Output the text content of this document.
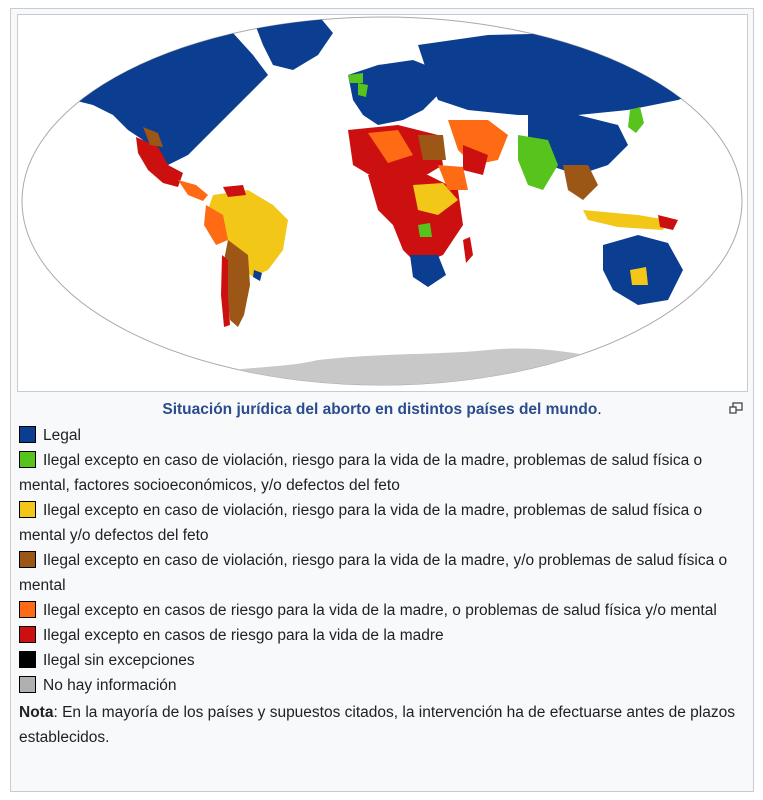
Situación jurídica del aborto en distintos países del mundo.
Legal
Ilegal excepto en caso de violación, riesgo para la vida de la madre, problemas de salud física o mental, factores socioeconómicos, y/o defectos del feto
Ilegal excepto en caso de violación, riesgo para la vida de la madre, problemas de salud física o mental y/o defectos del feto
Ilegal excepto en caso de violación, riesgo para la vida de la madre, y/o problemas de salud física o mental
Ilegal excepto en casos de riesgo para la vida de la madre, o problemas de salud física y/o mental
Ilegal excepto en casos de riesgo para la vida de la madre
Ilegal sin excepciones
No hay información
Nota: En la mayoría de los países y supuestos citados, la intervención ha de efectuarse antes de plazos establecidos.
